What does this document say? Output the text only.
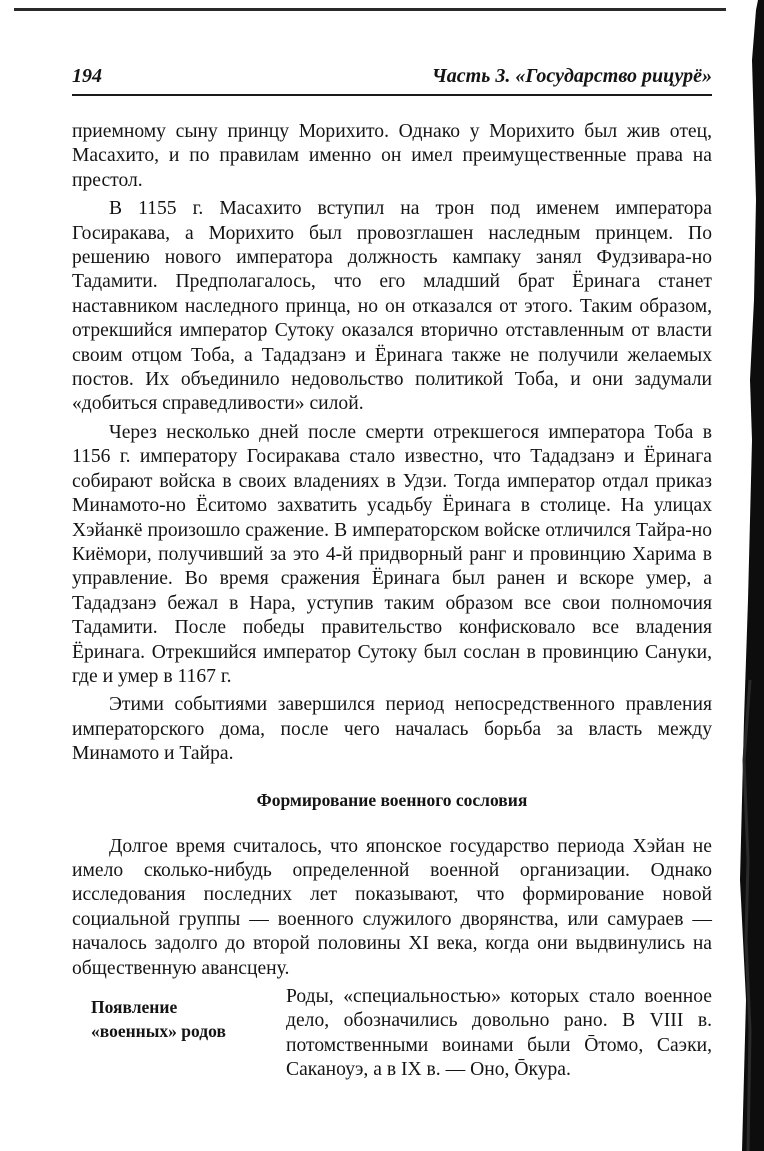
194	Часть 3. «Государство рицурё»

приемному сыну принцу Морихито. Однако у Морихито был жив отец, Масахито, и по правилам именно он имел преимущественные права на престол.

В 1155 г. Масахито вступил на трон под именем императора Госиракава, а Морихито был провозглашен наследным принцем. По решению нового императора должность кампаку занял Фудзивара-но Тадамити. Предполагалось, что его младший брат Ёринага станет наставником наследного принца, но он отказался от этого. Таким образом, отрекшийся император Сутоку оказался вторично отставленным от власти своим отцом Тоба, а Тададзанэ и Ёринага также не получили желаемых постов. Их объединило недовольство политикой Тоба, и они задумали «добиться справедливости» силой.

Через несколько дней после смерти отрекшегося императора Тоба в 1156 г. императору Госиракава стало известно, что Тададзанэ и Ёринага собирают войска в своих владениях в Удзи. Тогда император отдал приказ Минамото-но Ёситомо захватить усадьбу Ёринага в столице. На улицах Хэйанкё произошло сражение. В императорском войске отличился Тайра-но Киёмори, получивший за это 4-й придворный ранг и провинцию Харима в управление. Во время сражения Ёринага был ранен и вскоре умер, а Тададзанэ бежал в Нара, уступив таким образом все свои полномочия Тадамити. После победы правительство конфисковало все владения Ёринага. Отрекшийся император Сутоку был сослан в провинцию Сануки, где и умер в 1167 г.

Этими событиями завершился период непосредственного правления императорского дома, после чего началась борьба за власть между Минамото и Тайра.

Формирование военного сословия

Долгое время считалось, что японское государство периода Хэйан не имело сколько-нибудь определенной военной организации. Однако исследования последних лет показывают, что формирование новой социальной группы — военного служилого дворянства, или самураев — началось задолго до второй половины XI века, когда они выдвинулись на общественную авансцену.

Появление «военных» родов

Роды, «специальностью» которых стало военное дело, обозначились довольно рано. В VIII в. потомственными воинами были Ōтомо, Саэки, Саканоуэ, а в IX в. — Оно, Ōкура.
